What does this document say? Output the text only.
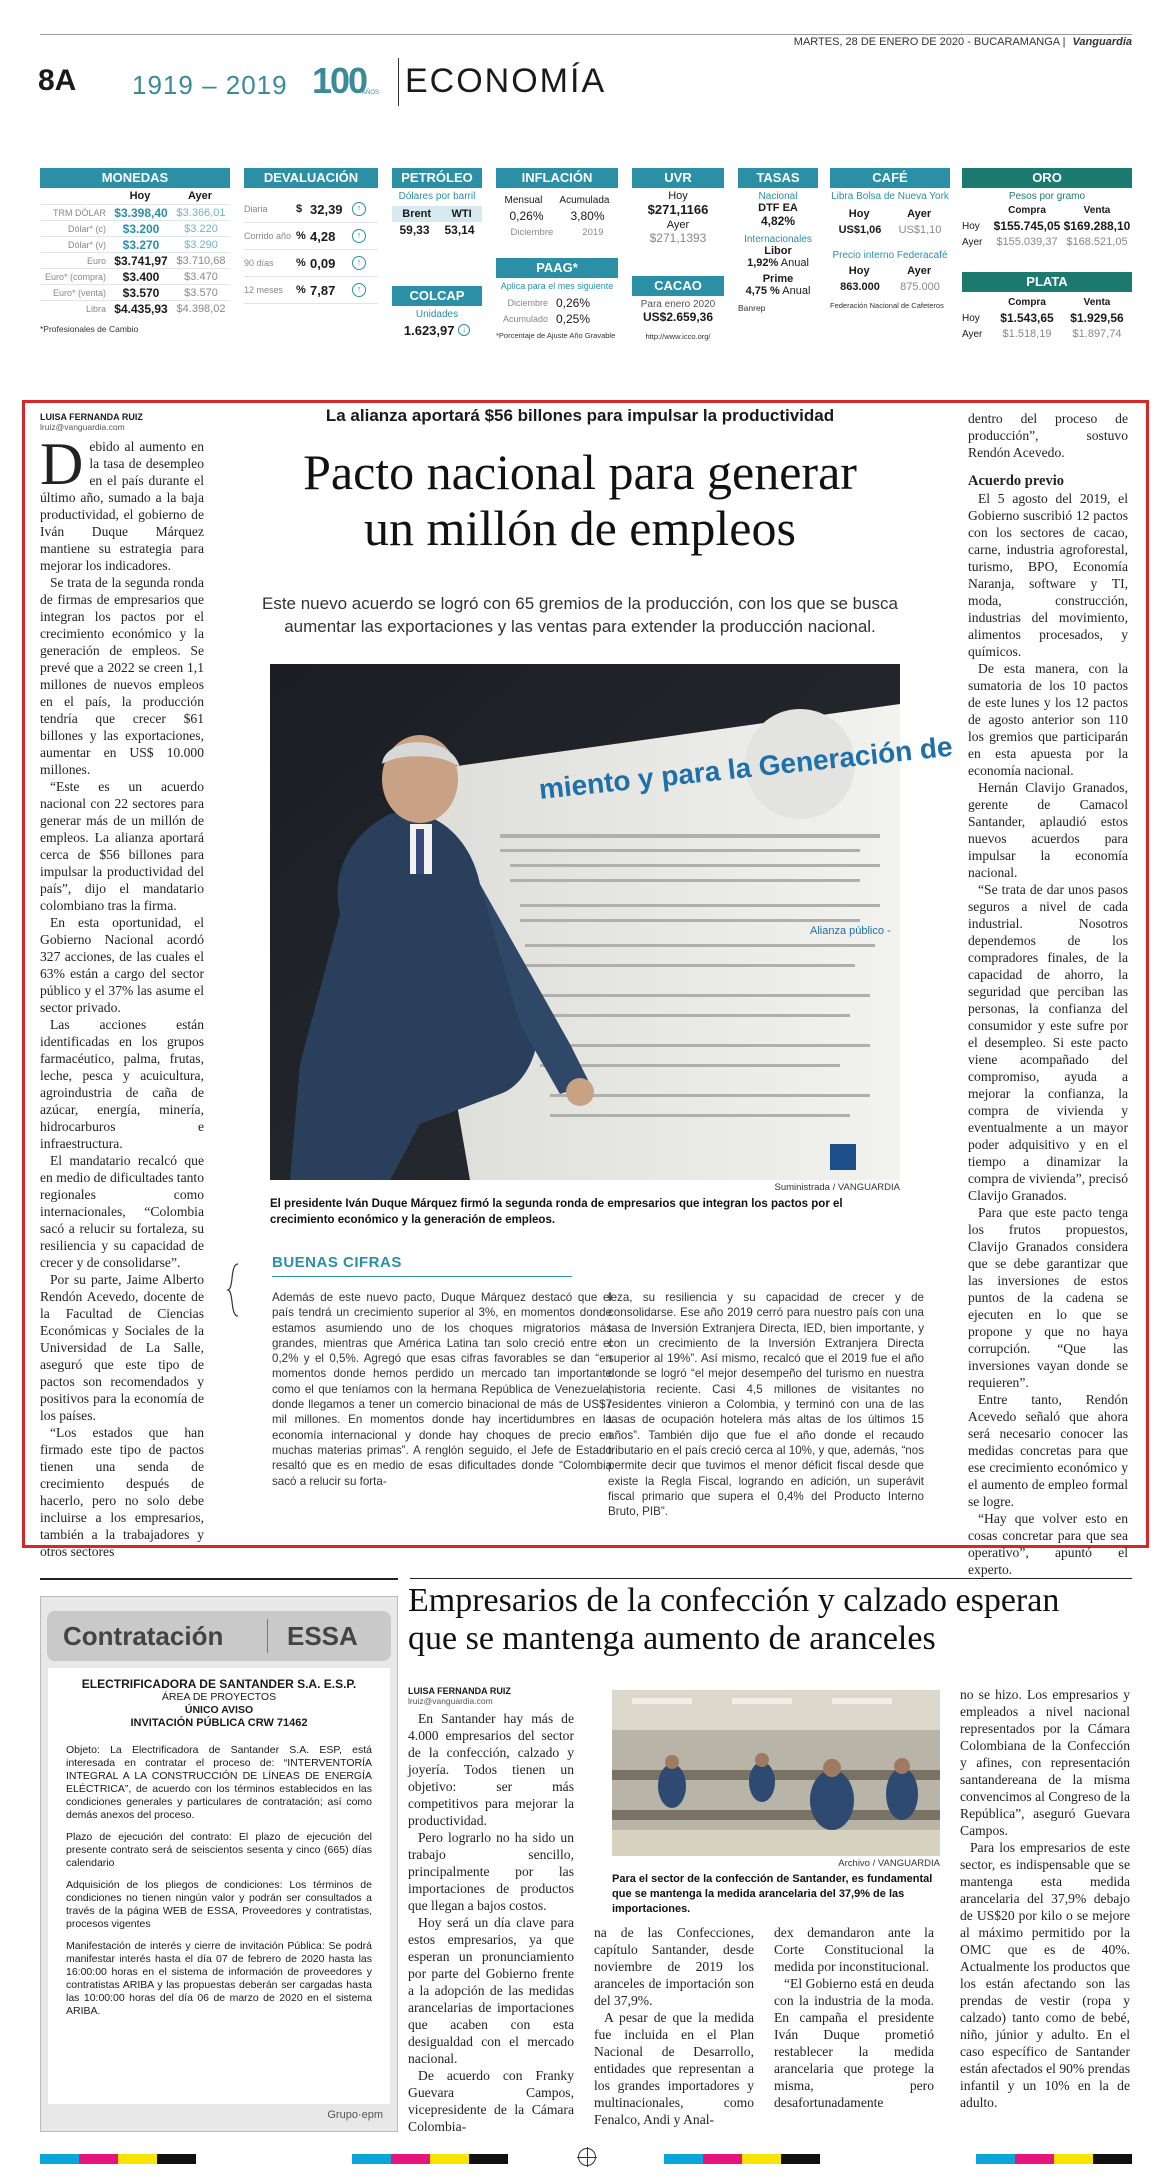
MARTES, 28 DE ENERO DE 2020 - BUCARAMANGA | Vanguardia
8A 1919 – 2019 100
AÑOS ECONOMÍA
MONEDAS
Hoy	Ayer
TRM DÓLAR $3.398,40 $3.366,01
Dólar* (c)	$3.200	$3.220
Dólar* (v)	$3.270	$3.290
Euro $3.741,97 $3.710,68
Euro* (compra)	$3.400	$3.470
Euro* (venta)	$3.570	$3.570
Libra $4.435,93 $4.398,02
*Profesionales de Cambio
DEVALUACIÓN
Diaria	$ 32,39	↑
Corrido año % 4,28	↑
90 días	% 0,09	↑
12 meses	% 7,87	↑
PETRÓLEO
Dólares por barril
Brent WTI
59,33 53,14
COLCAP
Unidades
1.623,97
↓
INFLACIÓN
Mensual Acumulada
0,26% 3,80%
Diciembre	2019
PAAG*
Aplica para el mes siguiente
Diciembre 0,26%
Acumulado 0,25%
*Porcentaje de Ajuste Año Gravable
UVR
Hoy
$271,1166
Ayer
$271,1393
CACAO
Para enero 2020
US$2.659,36
http://www.icco.org/
TASAS
Nacional
DTF EA
4,82%
Internacionales
Libor
1,92% Anual
Prime
4,75 % Anual
Banrep
CAFÉ
Libra Bolsa de Nueva York
Hoy	Ayer
US$1,06 US$1,10
Precio interno Federacafé
Hoy	Ayer
863.000 875.000
Federación Nacional de Cafeteros
ORO
Pesos por gramo
Compra	Venta
Hoy	$155.745,05 $169.288,10
Ayer	$155.039,37 $168.521,05
PLATA
Compra	Venta
Hoy	$1.543,65	$1.929,56
Ayer	$1.518,19	$1.897,74
LUISA FERNANDA RUIZ
lruiz@vanguardia.com
D ebido al aumento en la tasa de desempleo en el país durante el último año, sumado a la baja productividad, el gobierno de Iván Duque Márquez mantiene su estrategia para mejorar los indicadores.

Se trata de la segunda ronda de firmas de empresarios que integran los pactos por el crecimiento económico y la generación de empleos. Se prevé que a 2022 se creen 1,1 millones de nuevos empleos en el país, la producción tendría que crecer $61 billones y las exportaciones, aumentar en US$ 10.000 millones.

“Este es un acuerdo nacional con 22 sectores para generar más de un millón de empleos. La alianza aportará cerca de $56 billones para impulsar la productividad del país”, dijo el mandatario colombiano tras la firma.

En esta oportunidad, el Gobierno Nacional acordó 327 acciones, de las cuales el 63% están a cargo del sector público y el 37% las asume el sector privado.

Las acciones están identificadas en los grupos farmacéutico, palma, frutas, leche, pesca y acuicultura, agroindustria de caña de azúcar, energía, minería, hidrocarburos e infraestructura.

El mandatario recalcó que en medio de dificultades tanto regionales como internacionales, “Colombia sacó a relucir su fortaleza, su resiliencia y su capacidad de crecer y de consolidarse”.

Por su parte, Jaime Alberto Rendón Acevedo, docente de la Facultad de Ciencias Económicas y Sociales de la Universidad de La Salle, aseguró que este tipo de pactos son recomendados y positivos para la economía de los países.

“Los estados que han firmado este tipo de pactos tienen una senda de crecimiento después de hacerlo, pero no solo debe incluirse a los empresarios, también a la trabajadores y otros sectores

La alianza aportará $56 billones para impulsar la productividad
Pacto nacional para generar
un millón de empleos
Este nuevo acuerdo se logró con 65 gremios de la producción, con los que se busca aumentar las exportaciones y las ventas para extender la producción nacional.
miento y para la Generación de
Alianza público -
Suministrada / VANGUARDIA
El presidente Iván Duque Márquez firmó la segunda ronda de empresarios que integran los pactos por el crecimiento económico y la generación de empleos.
BUENAS CIFRAS
Además de este nuevo pacto, Duque Márquez destacó que el país tendrá un crecimiento superior al 3%, en momentos donde estamos asumiendo uno de los choques migratorios más grandes, mientras que América Latina tan solo creció entre el 0,2% y el 0,5%. Agregó que esas cifras favorables se dan “en momentos donde hemos perdido un mercado tan importante como el que teníamos con la hermana República de Venezuela, donde llegamos a tener un comercio binacional de más de US$7 mil millones. En momentos donde hay incertidumbres en la economía internacional y donde hay choques de precio en muchas materias primas”. A renglón seguido, el Jefe de Estado resaltó que es en medio de esas dificultades donde “Colombia sacó a relucir su forta-
leza, su resiliencia y su capacidad de crecer y de consolidarse. Ese año 2019 cerró para nuestro país con una tasa de Inversión Extranjera Directa, IED, bien importante, y con un crecimiento de la Inversión Extranjera Directa superior al 19%”. Así mismo, recalcó que el 2019 fue el año donde se logró “el mejor desempeño del turismo en nuestra historia reciente. Casi 4,5 millones de visitantes no residentes vinieron a Colombia, y terminó con una de las tasas de ocupación hotelera más altas de los últimos 15 años”. También dijo que fue el año donde el recaudo tributario en el país creció cerca al 10%, y que, además, “nos permite decir que tuvimos el menor déficit fiscal desde que existe la Regla Fiscal, logrando en adición, un superávit fiscal primario que supera el 0,4% del Producto Interno Bruto, PIB”.
dentro del proceso de producción”, sostuvo Rendón Acevedo.
Acuerdo previo

El 5 agosto del 2019, el Gobierno suscribió 12 pactos con los sectores de cacao, carne, industria agroforestal, turismo, BPO, Economía Naranja, software y TI, moda, construcción, industrias del movimiento, alimentos procesados, y químicos.

De esta manera, con la sumatoria de los 10 pactos de este lunes y los 12 pactos de agosto anterior son 110 los gremios que participarán en esta apuesta por la economía nacional.

Hernán Clavijo Granados, gerente de Camacol Santander, aplaudió estos nuevos acuerdos para impulsar la economía nacional.

“Se trata de dar unos pasos seguros a nivel de cada industrial. Nosotros dependemos de los compradores finales, de la capacidad de ahorro, la seguridad que perciban las personas, la confianza del consumidor y este sufre por el desempleo. Si este pacto viene acompañado del compromiso, ayuda a mejorar la confianza, la compra de vivienda y eventualmente a un mayor poder adquisitivo y en el tiempo a dinamizar la compra de vivienda”, precisó Clavijo Granados.

Para que este pacto tenga los frutos propuestos, Clavijo Granados considera que se debe garantizar que las inversiones de estos puntos de la cadena se ejecuten en lo que se propone y que no haya corrupción. “Que las inversiones vayan donde se requieren”.

Entre tanto, Rendón Acevedo señaló que ahora será necesario conocer las medidas concretas para que ese crecimiento económico y el aumento de empleo formal se logre.

“Hay que volver esto en cosas concretar para que sea operativo”, apuntó el experto.

Contratación ESSA
Grupo·epm
ELECTRIFICADORA DE SANTANDER S.A. E.S.P.
ÁREA DE PROYECTOS
ÚNICO AVISO
INVITACIÓN PÚBLICA CRW 71462

Objeto: La Electrificadora de Santander S.A. ESP, está interesada en contratar el proceso de: “INTERVENTORÍA INTEGRAL A LA CONSTRUCCIÓN DE LÍNEAS DE ENERGÍA ELÉCTRICA”, de acuerdo con los términos establecidos en las condiciones generales y particulares de contratación; así como demás anexos del proceso.

Plazo de ejecución del contrato: El plazo de ejecución del presente contrato será de seiscientos sesenta y cinco (665) días calendario

Adquisición de los pliegos de condiciones: Los términos de condiciones no tienen ningún valor y podrán ser consultados a través de la página WEB de ESSA, Proveedores y contratistas, procesos vigentes

Manifestación de interés y cierre de invitación Pública: Se podrá manifestar interés hasta el día 07 de febrero de 2020 hasta las 16:00:00 horas en el sistema de información de proveedores y contratistas ARIBA y las propuestas deberán ser cargadas hasta las 10:00:00 horas del día 06 de marzo de 2020 en el sistema ARIBA.

Empresarios de la confección y calzado esperan
que se mantenga aumento de aranceles
LUISA FERNANDA RUIZ
lruiz@vanguardia.com

En Santander hay más de 4.000 empresarios del sector de la confección, calzado y joyería. Todos tienen un objetivo: ser más competitivos para mejorar la productividad.

Pero lograrlo no ha sido un trabajo sencillo, principalmente por las importaciones de productos que llegan a bajos costos.

Hoy será un día clave para estos empresarios, ya que esperan un pronunciamiento por parte del Gobierno frente a la adopción de las medidas arancelarias de importaciones que acaben con esta desigualdad con el mercado nacional.

De acuerdo con Franky Guevara Campos, vicepresidente de la Cámara Colombia-

Archivo / VANGUARDIA
Para el sector de la confección de Santander, es fundamental que se mantenga la medida arancelaria del 37,9% de las importaciones.
na de las Confecciones, capítulo Santander, desde noviembre de 2019 los aranceles de importación son del 37,9%.

A pesar de que la medida fue incluida en el Plan Nacional de Desarrollo, entidades que representan a los grandes importadores y multinacionales, como Fenalco, Andi y Anal-

dex demandaron ante la Corte Constitucional la medida por inconstitucional.

“El Gobierno está en deuda con la industria de la moda. En campaña el presidente Iván Duque prometió restablecer la medida arancelaria que protege la misma, pero desafortunadamente

no se hizo. Los empresarios y empleados a nivel nacional representados por la Cámara Colombiana de la Confección y afines, con representación santandereana de la misma convencimos al Congreso de la República”, aseguró Guevara Campos.

Para los empresarios de este sector, es indispensable que se mantenga esta medida arancelaria del 37,9% debajo de US$20 por kilo o se mejore al máximo permitido por la OMC que es de 40%. Actualmente los productos que los están afectando son las prendas de vestir (ropa y calzado) tanto como de bebé, niño, júnior y adulto. En el caso específico de Santander están afectados el 90% prendas infantil y un 10% en la de adulto.
